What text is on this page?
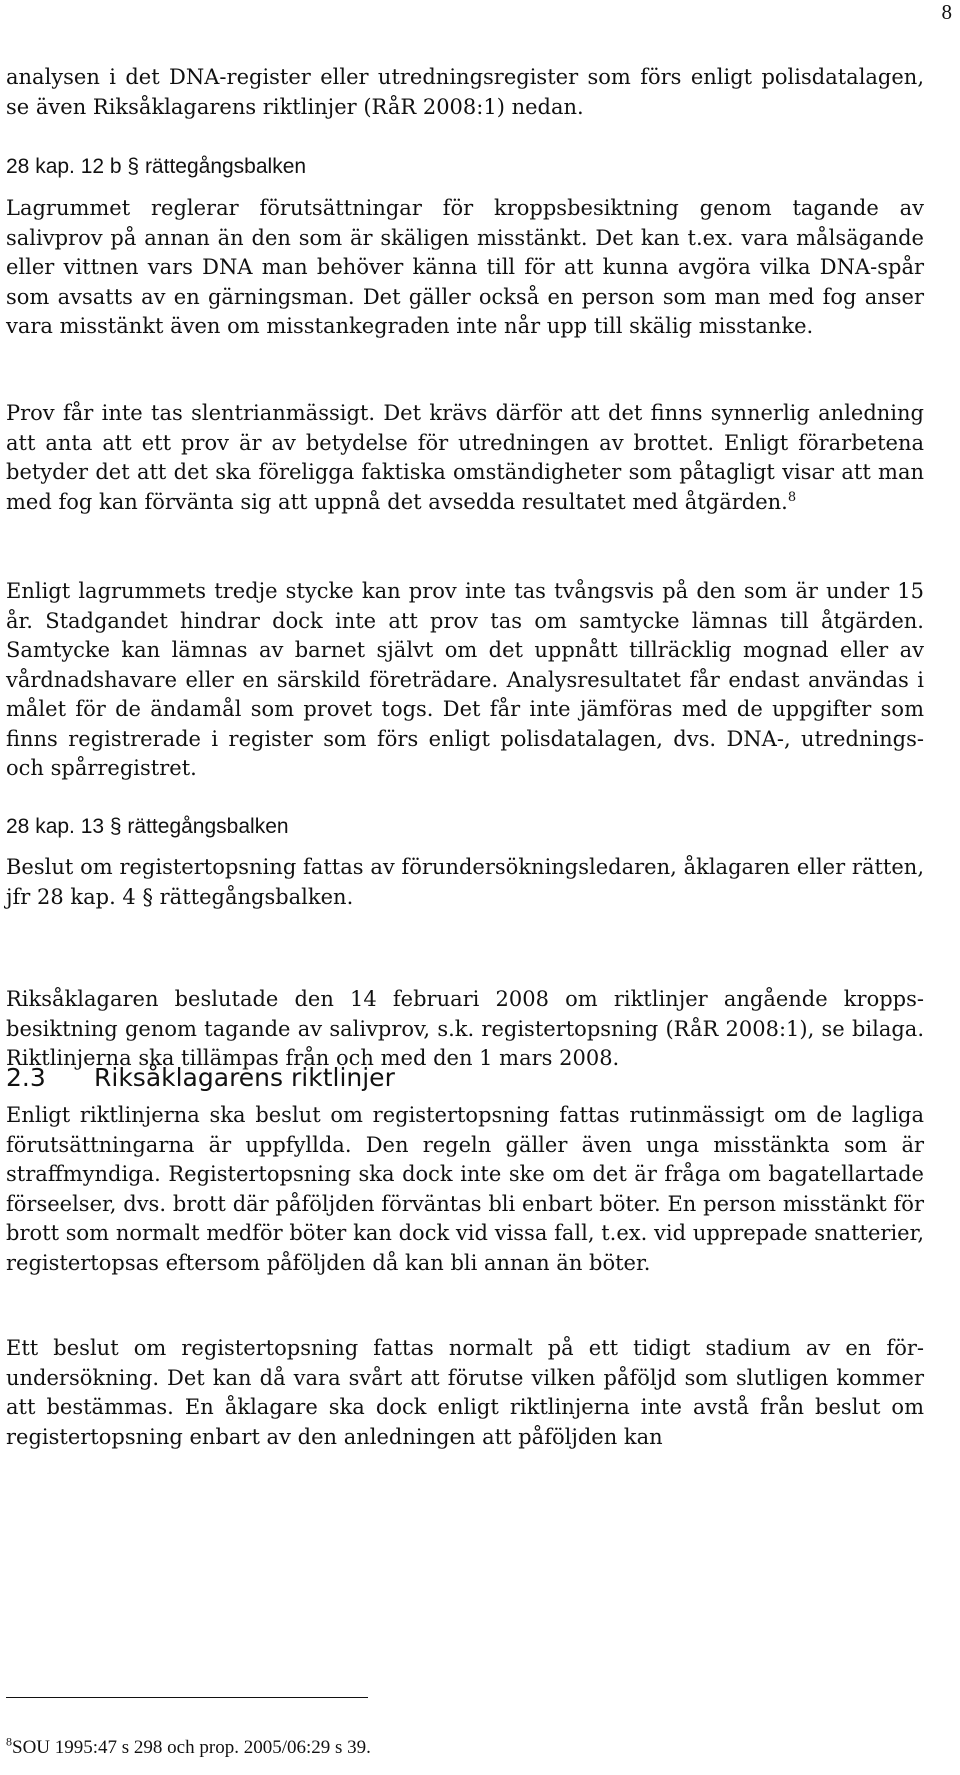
8
analysen i det DNA-register eller utredningsregister som förs enligt polisdatalagen, se även Riksåklagarens riktlinjer (RåR 2008:1) nedan.
28 kap. 12 b § rättegångsbalken
Lagrummet reglerar förutsättningar för kroppsbesiktning genom tagande av salivprov på annan än den som är skäligen misstänkt. Det kan t.ex. vara målsägande eller vittnen vars DNA man behöver känna till för att kunna avgöra vilka DNA-spår som avsatts av en gärningsman. Det gäller också en person som man med fog anser vara misstänkt även om misstankegraden inte når upp till skälig misstanke.
Prov får inte tas slentrianmässigt. Det krävs därför att det finns synnerlig anledning att anta att ett prov är av betydelse för utredningen av brottet. Enligt förarbetena betyder det att det ska föreligga faktiska omständigheter som påtagligt visar att man med fog kan förvänta sig att uppnå det avsedda resultatet med åtgärden.$^8$
Enligt lagrummets tredje stycke kan prov inte tas tvångsvis på den som är under 15 år. Stadgandet hindrar dock inte att prov tas om samtycke lämnas till åtgärden. Samtycke kan lämnas av barnet självt om det uppnått tillräcklig mognad eller av vårdnadshavare eller en särskild företrädare. Analysresultatet får endast användas i målet för de ändamål som provet togs. Det får inte jämföras med de uppgifter som finns registrerade i register som förs enligt polisdatalagen, dvs. DNA-, utrednings- och spårregistret.
28 kap. 13 § rättegångsbalken
Beslut om registertopsning fattas av förundersökningsledaren, åklagaren eller rätten, jfr 28 kap. 4 § rättegångsbalken.
2.3 Riksåklagarens riktlinjer
Riksåklagaren beslutade den 14 februari 2008 om riktlinjer angående kroppsbesiktning genom tagande av salivprov, s.k. registertopsning (RåR 2008:1), se bilaga. Riktlinjerna ska tillämpas från och med den 1 mars 2008.
Enligt riktlinjerna ska beslut om registertopsning fattas rutinmässigt om de lagliga förutsättningarna är uppfyllda. Den regeln gäller även unga misstänkta som är straffmyndiga. Registertopsning ska dock inte ske om det är fråga om bagatellartade förseelser, dvs. brott där påföljden förväntas bli enbart böter. En person misstänkt för brott som normalt medför böter kan dock vid vissa fall, t.ex. vid upprepade snatterier, registertopsas eftersom påföljden då kan bli annan än böter.
Ett beslut om registertopsning fattas normalt på ett tidigt stadium av en förundersökning. Det kan då vara svårt att förutse vilken påföljd som slutligen kommer att bestämmas. En åklagare ska dock enligt riktlinjerna inte avstå från beslut om registertopsning enbart av den anledningen att påföljden kan
$^8$SOU 1995:47 s 298 och prop. 2005/06:29 s 39.
